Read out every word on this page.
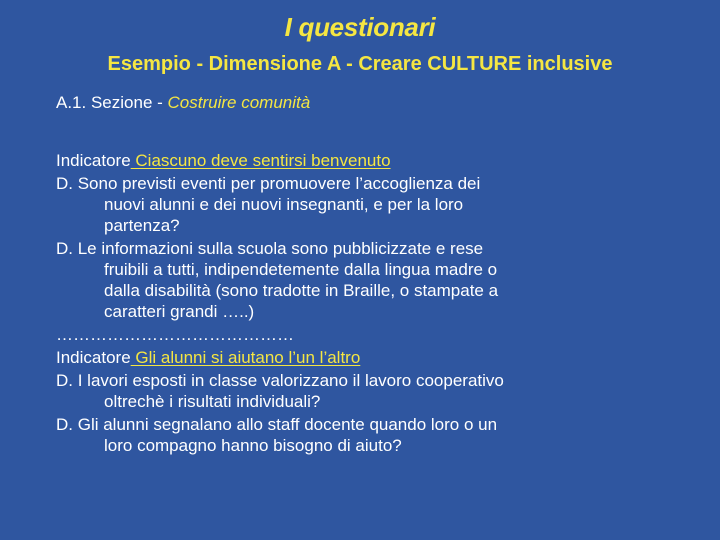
I questionari
Esempio - Dimensione A - Creare CULTURE inclusive
A.1. Sezione - Costruire comunità
Indicatore Ciascuno deve sentirsi benvenuto
D. Sono previsti eventi per promuovere l’accoglienza dei
nuovi alunni e dei nuovi insegnanti, e per la loro
partenza?
D. Le informazioni sulla scuola sono pubblicizzate e rese
fruibili a tutti, indipendetemente dalla lingua madre o
dalla disabilità (sono tradotte in Braille, o stampate a
caratteri grandi …..)
……………………………………
Indicatore Gli alunni si aiutano l’un l’altro
D. I lavori esposti in classe valorizzano il lavoro cooperativo
oltrechè i risultati individuali?
D. Gli alunni segnalano allo staff docente quando loro o un
loro compagno hanno bisogno di aiuto?
